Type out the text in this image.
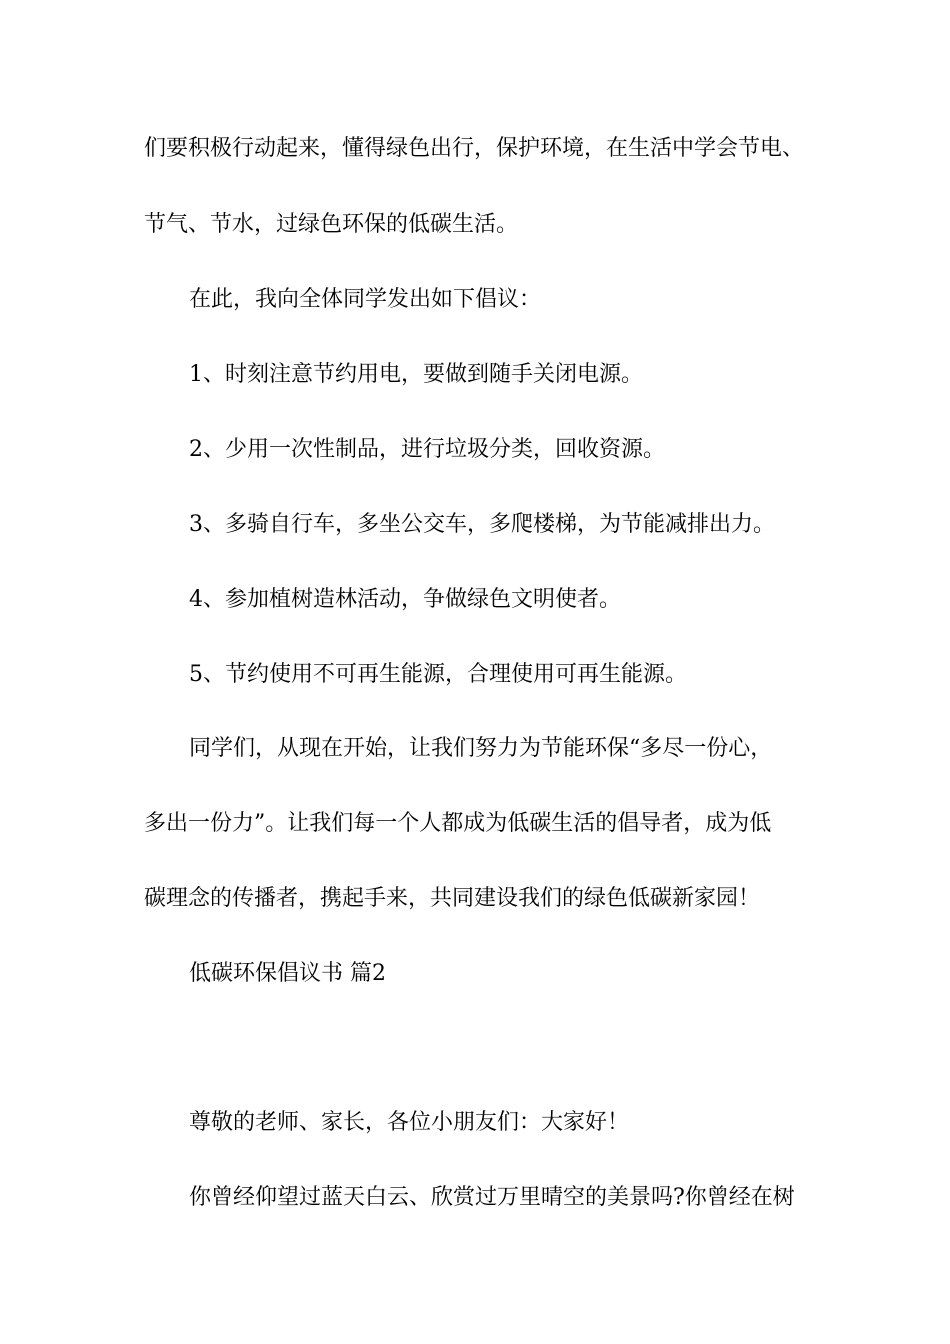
们要积极行动起来，懂得绿色出行，保护环境，在生活中学会节电、

节气、节水，过绿色环保的低碳生活。

在此，我向全体同学发出如下倡议：

1、时刻注意节约用电，要做到随手关闭电源。

2、少用一次性制品，进行垃圾分类，回收资源。

3、多骑自行车，多坐公交车，多爬楼梯，为节能减排出力。

4、参加植树造林活动，争做绿色文明使者。

5、节约使用不可再生能源，合理使用可再生能源。

同学们，从现在开始，让我们努力为节能环保“多尽一份心，

多出一份力”。让我们每一个人都成为低碳生活的倡导者，成为低

碳理念的传播者，携起手来，共同建设我们的绿色低碳新家园！

低碳环保倡议书 篇2

尊敬的老师、家长，各位小朋友们：大家好！

你曾经仰望过蓝天白云、欣赏过万里晴空的美景吗?你曾经在树
